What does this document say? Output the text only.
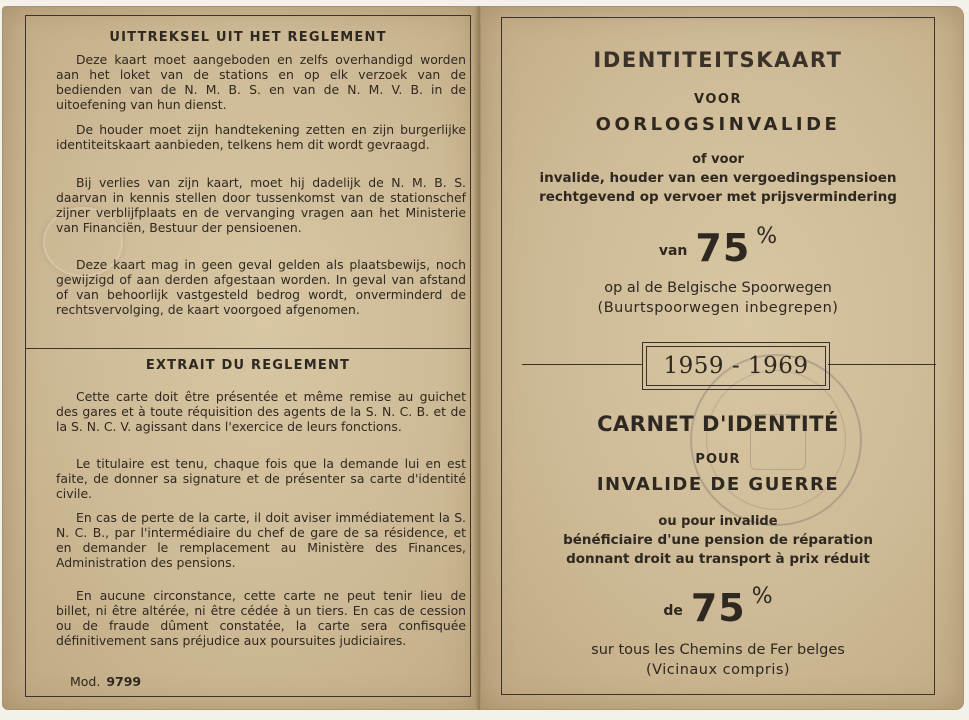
UITTREKSEL UIT HET REGLEMENT

Deze kaart moet aangeboden en zelfs overhandigd worden aan het loket van de stations en op elk verzoek van de bedienden van de N. M. B. S. en van de N. M. V. B. in de uitoefening van hun dienst.

De houder moet zijn handtekening zetten en zijn burgerlijke identiteitskaart aanbieden, telkens hem dit wordt gevraagd.

Bij verlies van zijn kaart, moet hij dadelijk de N. M. B. S. daarvan in kennis stellen door tussenkomst van de stationschef zijner verblijfplaats en de vervanging vragen aan het Ministerie van Financiën, Bestuur der pensioenen.

Deze kaart mag in geen geval gelden als plaatsbewijs, noch gewijzigd of aan derden afgestaan worden. In geval van afstand of van behoorlijk vastgesteld bedrog wordt, onverminderd de rechtsvervolging, de kaart voorgoed afgenomen.

EXTRAIT DU REGLEMENT

Cette carte doit être présentée et même remise au guichet des gares et à toute réquisition des agents de la S. N. C. B. et de la S. N. C. V. agissant dans l'exercice de leurs fonctions.

Le titulaire est tenu, chaque fois que la demande lui en est faite, de donner sa signature et de présenter sa carte d'identité civile.

En cas de perte de la carte, il doit aviser immédiatement la S. N. C. B., par l'intermédiaire du chef de gare de sa résidence, et en demander le remplacement au Ministère des Finances, Administration des pensions.

En aucune circonstance, cette carte ne peut tenir lieu de billet, ni être altérée, ni être cédée à un tiers. En cas de cession ou de fraude dûment constatée, la carte sera confisquée définitivement sans préjudice aux poursuites judiciaires.

Mod. 9799
IDENTITEITSKAART
VOOR
OORLOGSINVALIDE
of voor
invalide, houder van een vergoedingspensioen
rechtgevend op vervoer met prijsvermindering
van 75 %
op al de Belgische Spoorwegen
(Buurtspoorwegen inbegrepen)
1959 - 1969
CARNET D'IDENTITÉ
POUR
INVALIDE DE GUERRE
ou pour invalide
bénéficiaire d'une pension de réparation
donnant droit au transport à prix réduit
de 75 %
sur tous les Chemins de Fer belges
(Vicinaux compris)
